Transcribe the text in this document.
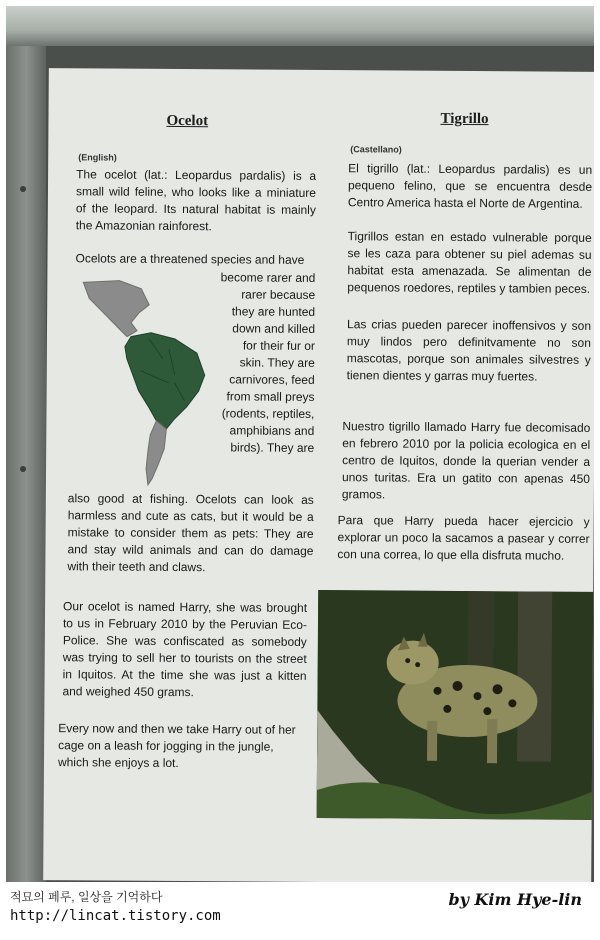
Ocelot
(English)

The ocelot (lat.: Leopardus pardalis) is a small wild feline, who looks like a miniature of the leopard. Its natural habitat is mainly the Amazonian rainforest.

Ocelots are a threatened species and have

become rarer and rarer because they are hunted down and killed for their fur or skin. They are carnivores, feed from small preys (rodents, reptiles, amphibians and birds). They are

also good at fishing. Ocelots can look as harmless and cute as cats, but it would be a mistake to consider them as pets: They are and stay wild animals and can do damage with their teeth and claws.

Our ocelot is named Harry, she was brought to us in February 2010 by the Peruvian Eco-Police. She was confiscated as somebody was trying to sell her to tourists on the street in Iquitos. At the time she was just a kitten and weighed 450 grams.

Every now and then we take Harry out of her cage on a leash for jogging in the jungle, which she enjoys a lot.

Tigrillo
(Castellano)

El tigrillo (lat.: Leopardus pardalis) es un pequeno felino, que se encuentra desde Centro America hasta el Norte de Argentina.

Tigrillos estan en estado vulnerable porque se les caza para obtener su piel ademas su habitat esta amenazada. Se alimentan de pequenos roedores, reptiles y tambien peces.

Las crias pueden parecer inoffensivos y son muy lindos pero definitvamente no son mascotas, porque son animales silvestres y tienen dientes y garras muy fuertes.

Nuestro tigrillo llamado Harry fue decomisado en febrero 2010 por la policia ecologica en el centro de Iquitos, donde la querian vender a unos turitas. Era un gatito con apenas 450 gramos.

Para que Harry pueda hacer ejercicio y explorar un poco la sacamos a pasear y correr con una correa, lo que ella disfruta mucho.

적묘의 페루, 일상을 기억하다
http://lincat.tistory.com
by Kim Hye-lin
